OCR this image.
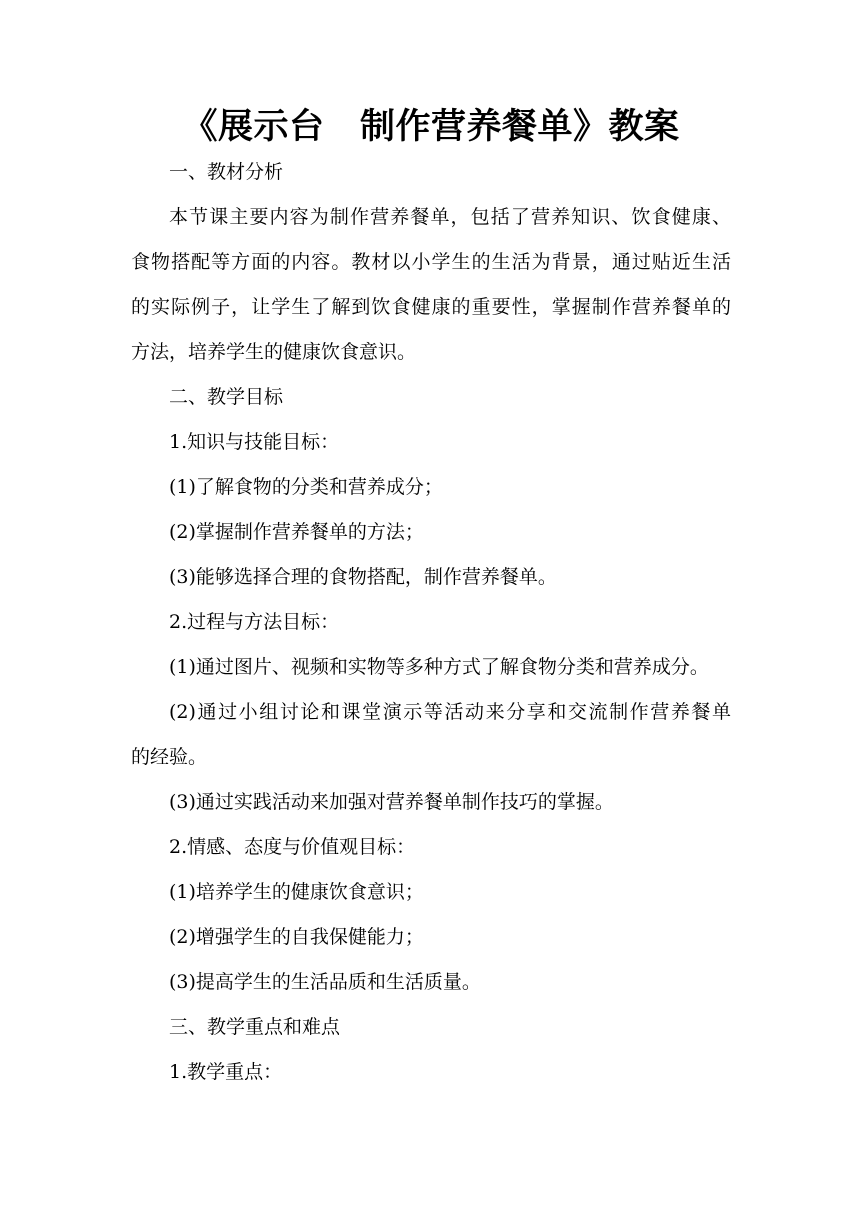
《展示台　制作营养餐单》教案
一、教材分析
本节课主要内容为制作营养餐单，包括了营养知识、饮食健康、
食物搭配等方面的内容。教材以小学生的生活为背景，通过贴近生活
的实际例子，让学生了解到饮食健康的重要性，掌握制作营养餐单的
方法，培养学生的健康饮食意识。
二、教学目标
1.知识与技能目标：
(1)了解食物的分类和营养成分；
(2)掌握制作营养餐单的方法；
(3)能够选择合理的食物搭配，制作营养餐单。
2.过程与方法目标：
(1)通过图片、视频和实物等多种方式了解食物分类和营养成分。
(2)通过小组讨论和课堂演示等活动来分享和交流制作营养餐单
的经验。
(3)通过实践活动来加强对营养餐单制作技巧的掌握。
2.情感、态度与价值观目标：
(1)培养学生的健康饮食意识；
(2)增强学生的自我保健能力；
(3)提高学生的生活品质和生活质量。
三、教学重点和难点
1.教学重点：
